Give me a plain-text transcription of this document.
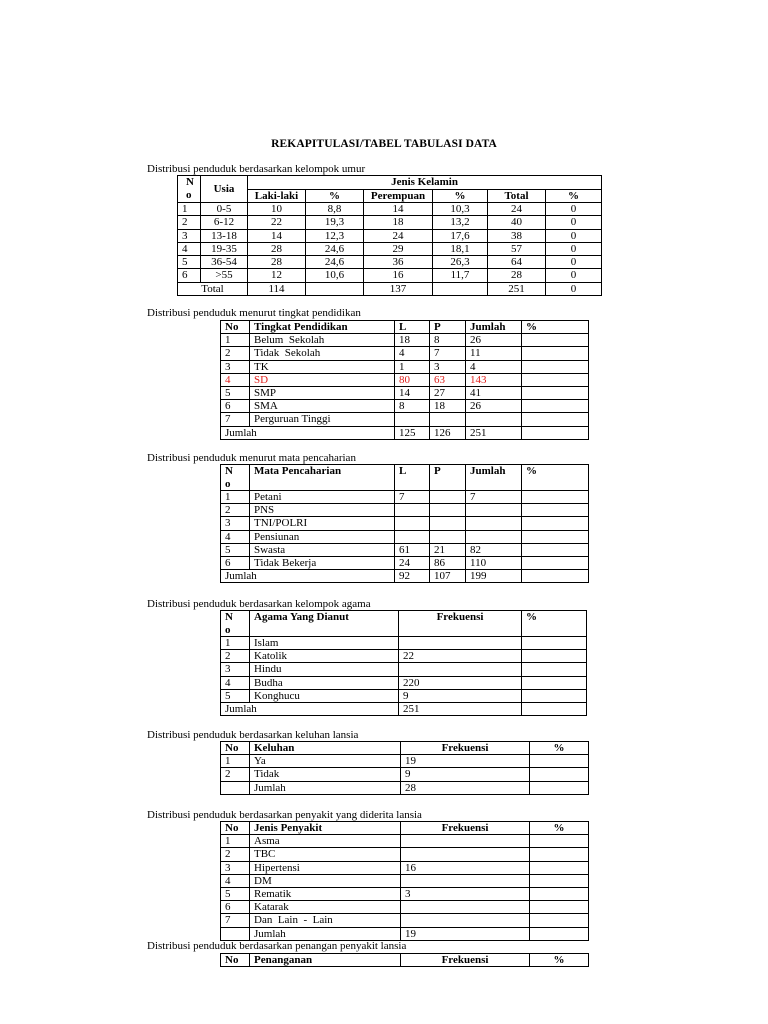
REKAPITULASI/TABEL TABULASI DATA
Distribusi penduduk berdasarkan kelompok umur
N
o	Usia	Jenis Kelamin					
		Laki-laki	%	Perempuan	%	Total	%
1	0-5	10	8,8	14	10,3	24	0
2	6-12	22	19,3	18	13,2	40	0
3	13-18	14	12,3	24	17,6	38	0
4	19-35	28	24,6	29	18,1	57	0
5	36-54	28	24,6	36	26,3	64	0
6	>55	12	10,6	16	11,7	28	0
Total		114		137		251	0
Distribusi penduduk menurut tingkat pendidikan
No	Tingkat Pendidikan	L	P	Jumlah	%
1	Belum  Sekolah	18	8	26	
2	Tidak  Sekolah	4	7	11	
3	TK	1	3	4	
4	SD	80	63	143	
5	SMP	14	27	41	
6	SMA	8	18	26	
7	Perguruan Tinggi				
Jumlah		125	126	251	
Distribusi penduduk menurut mata pencaharian
N
o	Mata Pencaharian	L	P	Jumlah	%
1	Petani	7		7	
2	PNS				
3	TNI/POLRI				
4	Pensiunan				
5	Swasta	61	21	82	
6	Tidak Bekerja	24	86	110	
Jumlah		92	107	199	
Distribusi penduduk berdasarkan kelompok agama
N
o	Agama Yang Dianut	Frekuensi	%
1	Islam		
2	Katolik	22	
3	Hindu		
4	Budha	220	
5	Konghucu	9	
Jumlah		251	
Distribusi penduduk berdasarkan keluhan lansia
No	Keluhan	Frekuensi	%
1	Ya	19	
2	Tidak	9	
	Jumlah	28	
Distribusi penduduk berdasarkan penyakit yang diderita lansia
No	Jenis Penyakit	Frekuensi	%
1	Asma		
2	TBC		
3	Hipertensi	16	
4	DM		
5	Rematik	3	
6	Katarak		
7	Dan  Lain  -  Lain		
	Jumlah	19	
Distribusi penduduk berdasarkan penangan penyakit lansia
No	Penanganan	Frekuensi	%
